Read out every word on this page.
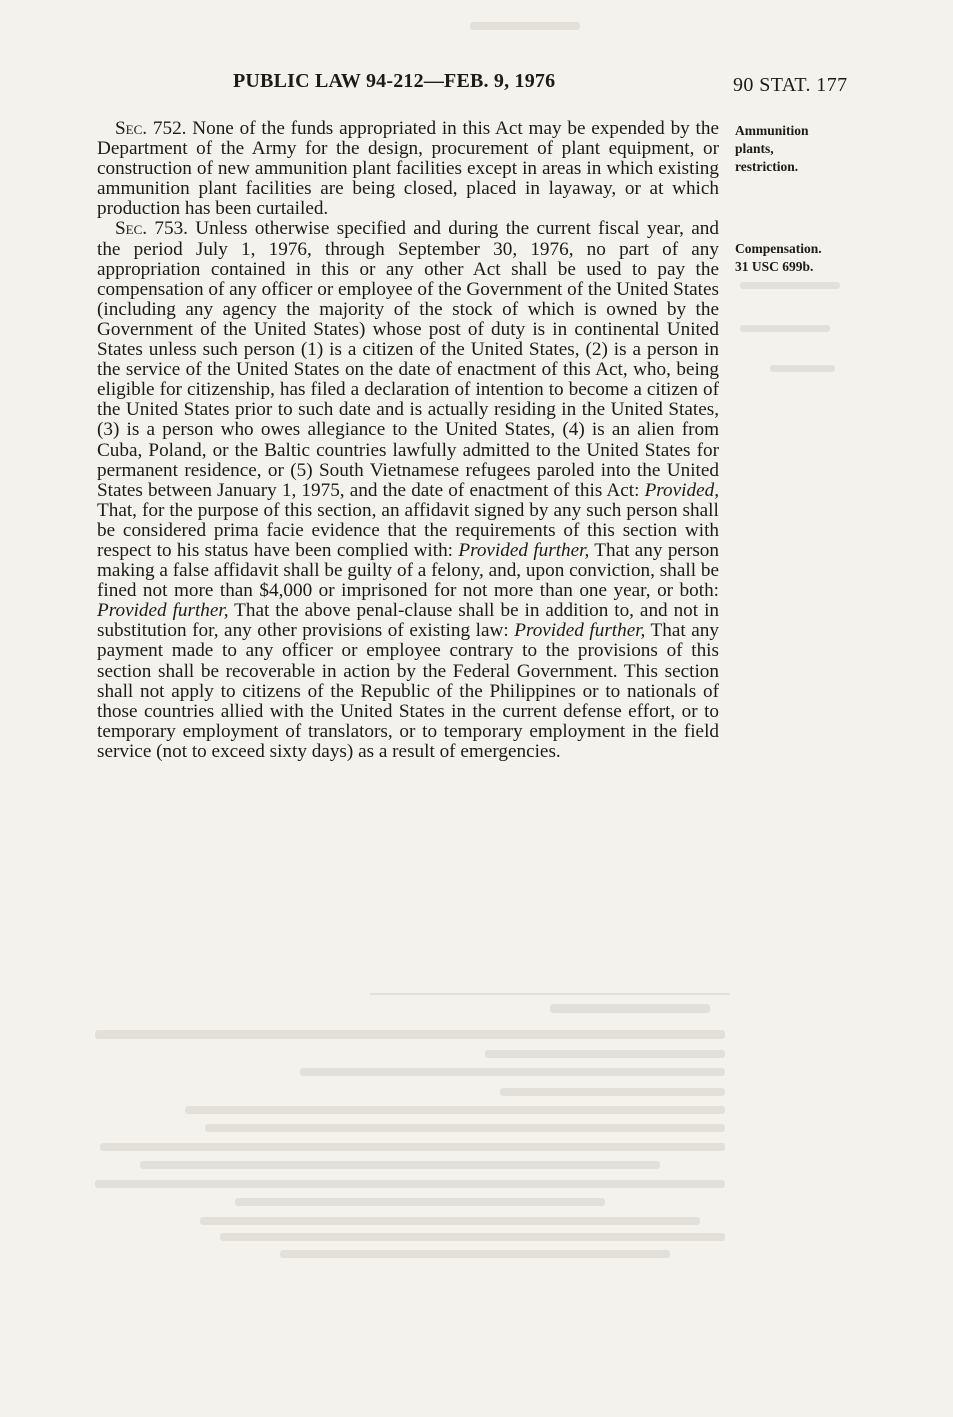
PUBLIC LAW 94-212—FEB. 9, 1976	90 STAT. 177

Sec. 752. None of the funds appropriated in this Act may be expended by the Department of the Army for the design, procurement of plant equipment, or construction of new ammunition plant facilities except in areas in which existing ammunition plant facilities are being closed, placed in layaway, or at which production has been curtailed.

Sec. 753. Unless otherwise specified and during the current fiscal year, and the period July 1, 1976, through September 30, 1976, no part of any appropriation contained in this or any other Act shall be used to pay the compensation of any officer or employee of the Government of the United States (including any agency the majority of the stock of which is owned by the Government of the United States) whose post of duty is in continental United States unless such person (1) is a citizen of the United States, (2) is a person in the service of the United States on the date of enactment of this Act, who, being eligible for citizenship, has filed a declaration of intention to become a citizen of the United States prior to such date and is actually residing in the United States, (3) is a person who owes allegiance to the United States, (4) is an alien from Cuba, Poland, or the Baltic countries lawfully admitted to the United States for permanent residence, or (5) South Vietnamese refugees paroled into the United States between January 1, 1975, and the date of enactment of this Act: Provided, That, for the purpose of this section, an affidavit signed by any such person shall be considered prima facie evidence that the requirements of this section with respect to his status have been complied with: Provided further, That any person making a false affidavit shall be guilty of a felony, and, upon conviction, shall be fined not more than $4,000 or imprisoned for not more than one year, or both: Provided further, That the above penal-clause shall be in addition to, and not in substitution for, any other provisions of existing law: Provided further, That any payment made to any officer or employee contrary to the provisions of this section shall be recoverable in action by the Federal Government. This section shall not apply to citizens of the Republic of the Philippines or to nationals of those countries allied with the United States in the current defense effort, or to temporary employment of translators, or to temporary employment in the field service (not to exceed sixty days) as a result of emergencies.

Ammunition
plants,
restriction.
Compensation.
31 USC 699b.
